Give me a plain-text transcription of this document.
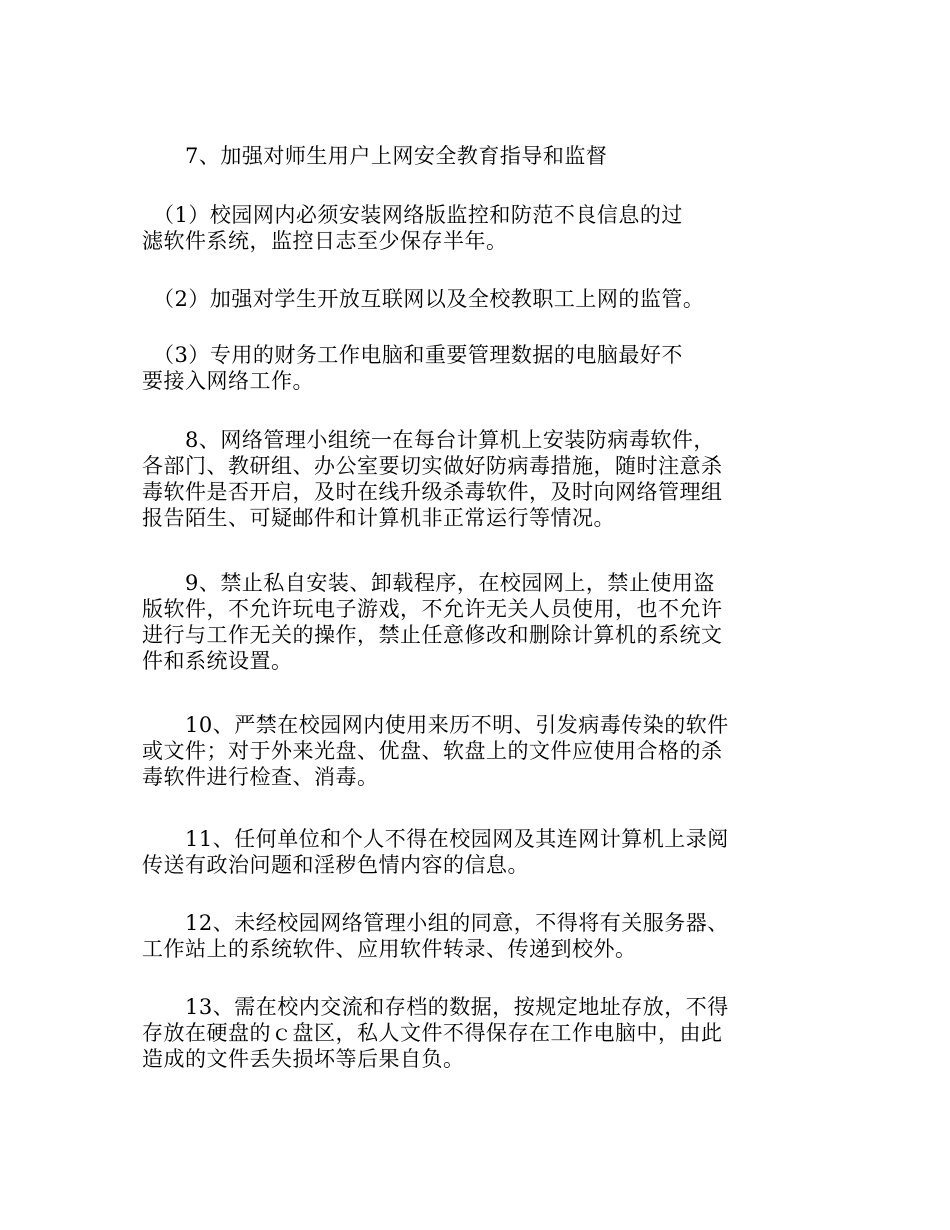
　　7、加强对师生用户上网安全教育指导和监督

　（1）校园网内必须安装网络版监控和防范不良信息的过
滤软件系统，监控日志至少保存半年。

　（2）加强对学生开放互联网以及全校教职工上网的监管。

　（3）专用的财务工作电脑和重要管理数据的电脑最好不
要接入网络工作。

　　8、网络管理小组统一在每台计算机上安装防病毒软件，
各部门、教研组、办公室要切实做好防病毒措施，随时注意杀
毒软件是否开启，及时在线升级杀毒软件，及时向网络管理组
报告陌生、可疑邮件和计算机非正常运行等情况。

　　9、禁止私自安装、卸载程序，在校园网上，禁止使用盗
版软件，不允许玩电子游戏，不允许无关人员使用，也不允许
进行与工作无关的操作，禁止任意修改和删除计算机的系统文
件和系统设置。

　　10、严禁在校园网内使用来历不明、引发病毒传染的软件
或文件；对于外来光盘、优盘、软盘上的文件应使用合格的杀
毒软件进行检查、消毒。

　　11、任何单位和个人不得在校园网及其连网计算机上录阅
传送有政治问题和淫秽色情内容的信息。

　　12、未经校园网络管理小组的同意，不得将有关服务器、
工作站上的系统软件、应用软件转录、传递到校外。

　　13、需在校内交流和存档的数据，按规定地址存放，不得
存放在硬盘的ｃ盘区，私人文件不得保存在工作电脑中，由此
造成的文件丢失损坏等后果自负。
